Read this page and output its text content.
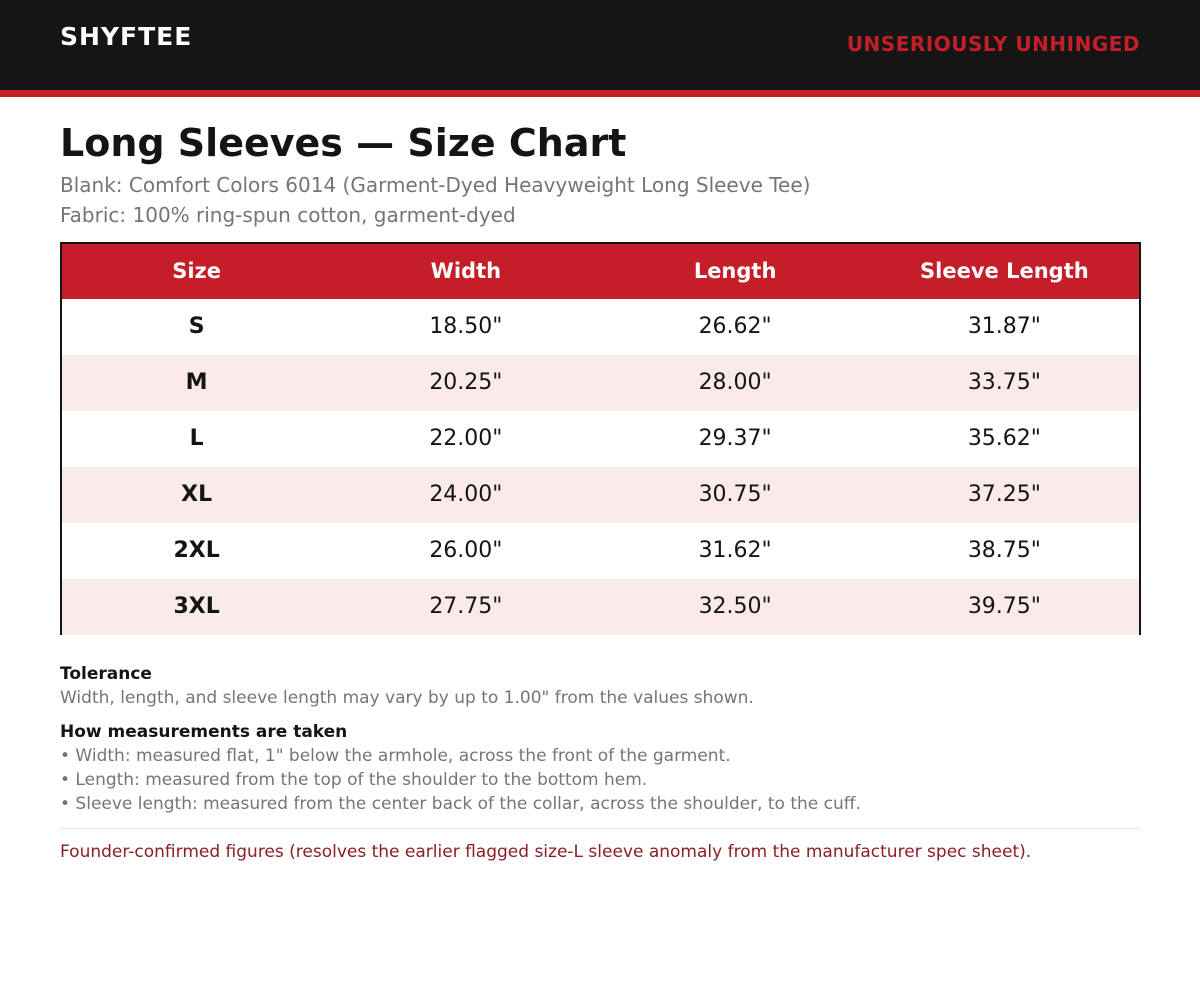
SHYFTEE	UNSERIOUSLY UNHINGED
Long Sleeves — Size Chart
Blank: Comfort Colors 6014 (Garment-Dyed Heavyweight Long Sleeve Tee)
Fabric: 100% ring-spun cotton, garment-dyed
Size	Width	Length	Sleeve Length
S	18.50"	26.62"	31.87"
M	20.25"	28.00"	33.75"
L	22.00"	29.37"	35.62"
XL	24.00"	30.75"	37.25"
2XL	26.00"	31.62"	38.75"
3XL	27.75"	32.50"	39.75"
Tolerance
Width, length, and sleeve length may vary by up to 1.00" from the values shown.
How measurements are taken
• Width: measured flat, 1" below the armhole, across the front of the garment.
• Length: measured from the top of the shoulder to the bottom hem.
• Sleeve length: measured from the center back of the collar, across the shoulder, to the cuff.
Founder-confirmed figures (resolves the earlier flagged size-L sleeve anomaly from the manufacturer spec sheet).
